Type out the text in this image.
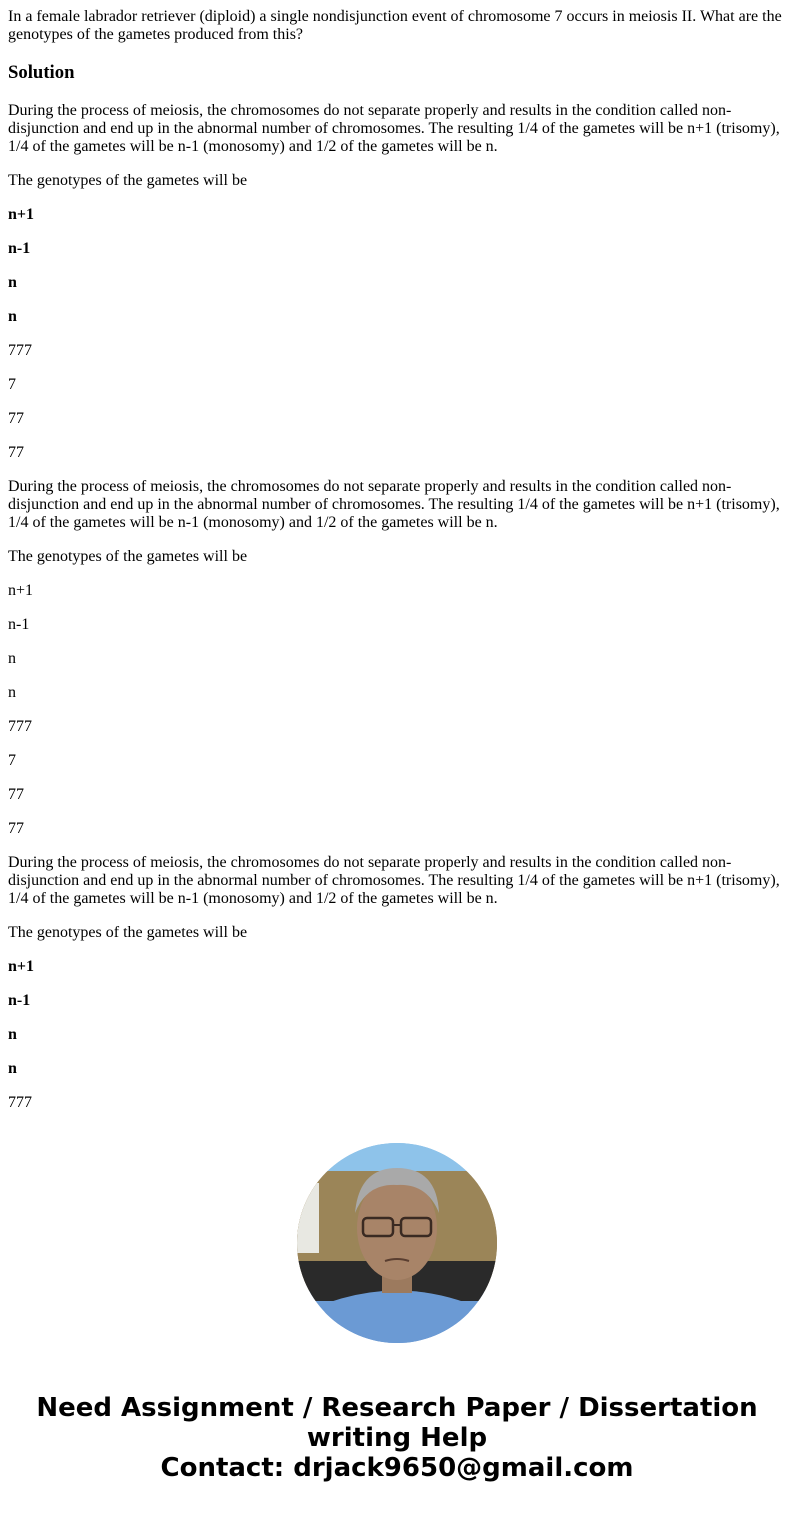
In a female labrador retriever (diploid) a single nondisjunction event of chromosome 7 occurs in meiosis II. What are the genotypes of the gametes produced from this?

Solution

During the process of meiosis, the chromosomes do not separate properly and results in the condition called non-disjunction and end up in the abnormal number of chromosomes. The resulting 1/4 of the gametes will be n+1 (trisomy), 1/4 of the gametes will be n-1 (monosomy) and 1/2 of the gametes will be n.

The genotypes of the gametes will be

n+1

n-1

n

n

777

7

77

77

During the process of meiosis, the chromosomes do not separate properly and results in the condition called non-disjunction and end up in the abnormal number of chromosomes. The resulting 1/4 of the gametes will be n+1 (trisomy), 1/4 of the gametes will be n-1 (monosomy) and 1/2 of the gametes will be n.

The genotypes of the gametes will be

n+1

n-1

n

n

777

7

77

77

During the process of meiosis, the chromosomes do not separate properly and results in the condition called non-disjunction and end up in the abnormal number of chromosomes. The resulting 1/4 of the gametes will be n+1 (trisomy), 1/4 of the gametes will be n-1 (monosomy) and 1/2 of the gametes will be n.

The genotypes of the gametes will be

n+1

n-1

n

n

777

Need Assignment / Research Paper / Dissertation writing Help
Contact: drjack9650@gmail.com
